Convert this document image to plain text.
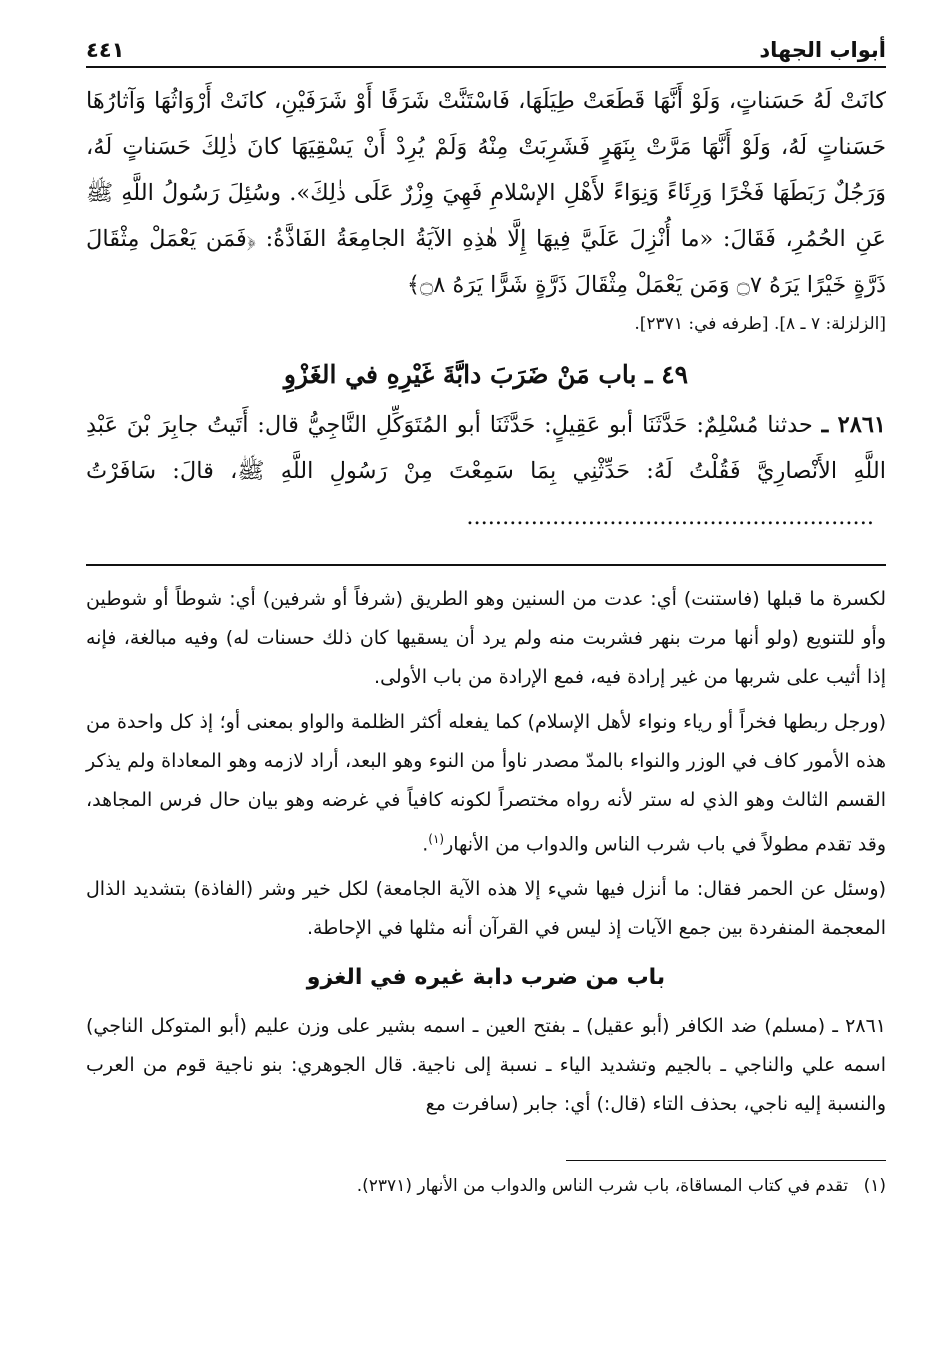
أبواب الجهاد
٤٤١

كانَتْ لَهُ حَسَناتٍ، وَلَوْ أَنَّهَا قَطَعَتْ طِيَلَهَا، فَاسْتَنَّتْ شَرَفًا أَوْ شَرَفَيْنِ، كانَتْ أَرْوَاثُهَا وَآثارُهَا حَسَناتٍ لَهُ، وَلَوْ أَنَّهَا مَرَّتْ بِنَهَرٍ فَشَرِبَتْ مِنْهُ وَلَمْ يُرِدْ أَنْ يَسْقِيَهَا كانَ ذٰلِكَ حَسَناتٍ لَهُ، وَرَجُلٌ رَبَطَهَا فَخْرًا وَرِئَاءً وَنِوَاءً لأَهْلِ الإسْلامِ فَهِيَ وِزْرٌ عَلَى ذٰلِكَ». وسُئِلَ رَسُولُ اللَّهِ ﷺ عَنِ الحُمُرِ، فَقَالَ: «ما أُنْزِلَ عَلَيَّ فِيهَا إِلَّا هٰذِهِ الآيَةُ الجامِعَةُ الفَاذَّةُ: ﴿فَمَن يَعْمَلْ مِثْقَالَ ذَرَّةٍ خَيْرًا يَرَهُ ۝٧ وَمَن يَعْمَلْ مِثْقَالَ ذَرَّةٍ شَرًّا يَرَهُ ۝٨﴾

[الزلزلة: ٧ ـ ٨]. [طرفه في: ٢٣٧١].

٤٩ ـ باب مَنْ ضَرَبَ دابَّةَ غَيْرِهِ في الغَزْوِ

٢٨٦١ ـ حدثنا مُسْلِمٌ: حَدَّثَنَا أبو عَقِيلٍ: حَدَّثَنَا أبو المُتَوَكِّلِ النَّاجِيُّ قال: أَتَيتُ جابِرَ بْنَ عَبْدِ اللَّهِ الأَنْصارِيَّ فَقُلْتُ لَهُ: حَدِّثْنِي بِمَا سَمِعْتَ مِنْ رَسُولِ اللَّهِ ﷺ، قالَ: سَافَرْتُ .........................................................

لكسرة ما قبلها (فاستنت) أي: عدت من السنين وهو الطريق (شرفاً أو شرفين) أي: شوطاً أو شوطين وأو للتنويع (ولو أنها مرت بنهر فشربت منه ولم يرد أن يسقيها كان ذلك حسنات له) وفيه مبالغة، فإنه إذا أثيب على شربها من غير إرادة فيه، فمع الإرادة من باب الأولى.

(ورجل ربطها فخراً أو رياء ونواء لأهل الإسلام) كما يفعله أكثر الظلمة والواو بمعنى أو؛ إذ كل واحدة من هذه الأمور كاف في الوزر والنواء بالمدّ مصدر ناوأ من النوء وهو البعد، أراد لازمه وهو المعاداة ولم يذكر القسم الثالث وهو الذي له ستر لأنه رواه مختصراً لكونه كافياً في غرضه وهو بيان حال فرس المجاهد، وقد تقدم مطولاً في باب شرب الناس والدواب من الأنهار$^{(١)}$.

(وسئل عن الحمر فقال: ما أنزل فيها شيء إلا هذه الآية الجامعة) لكل خير وشر (الفاذة) بتشديد الذال المعجمة المنفردة بين جمع الآيات إذ ليس في القرآن أنه مثلها في الإحاطة.

باب من ضرب دابة غيره في الغزو

٢٨٦١ ـ (مسلم) ضد الكافر (أبو عقيل) ـ بفتح العين ـ اسمه بشير على وزن عليم (أبو المتوكل الناجي) اسمه علي والناجي ـ بالجيم وتشديد الياء ـ نسبة إلى ناجية. قال الجوهري: بنو ناجية قوم من العرب والنسبة إليه ناجي، بحذف التاء (قال:) أي: جابر (سافرت مع

(١) تقدم في كتاب المساقاة، باب شرب الناس والدواب من الأنهار (٢٣٧١).
